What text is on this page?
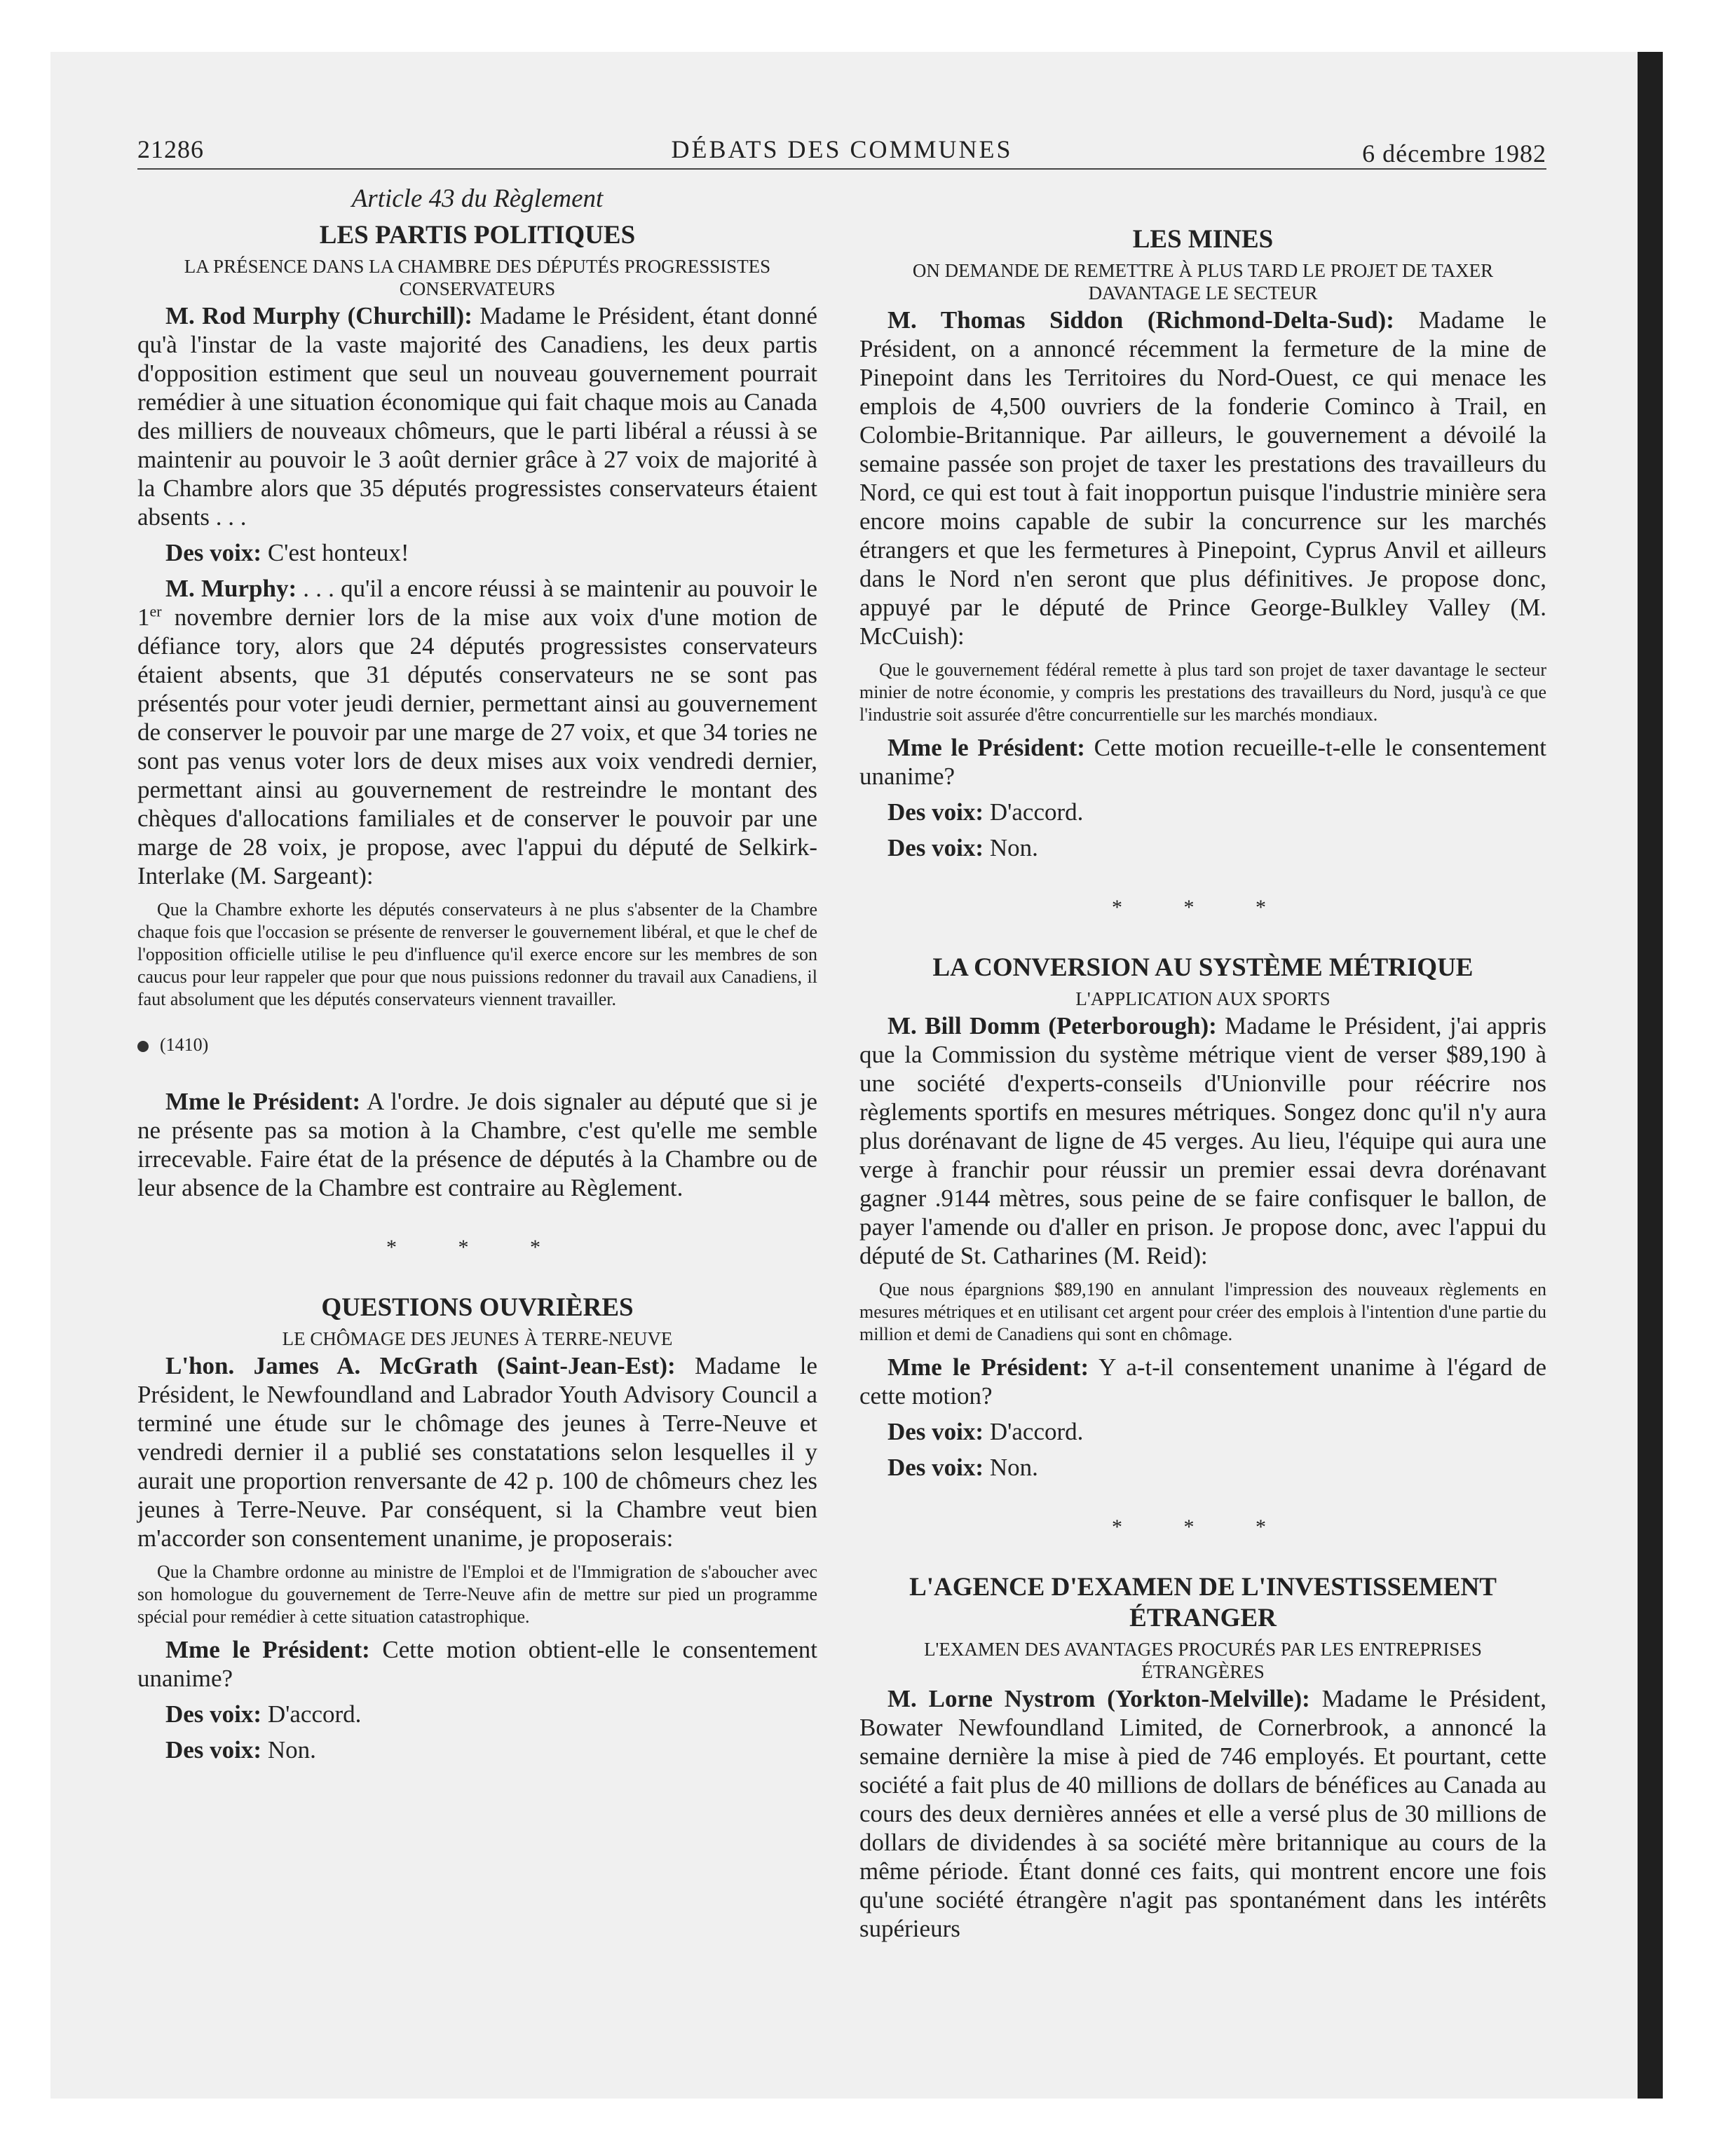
21286	DÉBATS DES COMMUNES	6 décembre 1982
Article 43 du Règlement
LES PARTIS POLITIQUES
LA PRÉSENCE DANS LA CHAMBRE DES DÉPUTÉS PROGRESSISTES CONSERVATEURS

M. Rod Murphy (Churchill): Madame le Président, étant donné qu'à l'instar de la vaste majorité des Canadiens, les deux partis d'opposition estiment que seul un nouveau gouvernement pourrait remédier à une situation économique qui fait chaque mois au Canada des milliers de nouveaux chômeurs, que le parti libéral a réussi à se maintenir au pouvoir le 3 août dernier grâce à 27 voix de majorité à la Chambre alors que 35 députés progressistes conservateurs étaient absents . . .

Des voix: C'est honteux!

M. Murphy: . . . qu'il a encore réussi à se maintenir au pouvoir le 1er novembre dernier lors de la mise aux voix d'une motion de défiance tory, alors que 24 députés progressistes conservateurs étaient absents, que 31 députés conservateurs ne se sont pas présentés pour voter jeudi dernier, permettant ainsi au gouvernement de conserver le pouvoir par une marge de 27 voix, et que 34 tories ne sont pas venus voter lors de deux mises aux voix vendredi dernier, permettant ainsi au gouvernement de restreindre le montant des chèques d'allocations familiales et de conserver le pouvoir par une marge de 28 voix, je propose, avec l'appui du député de Selkirk-Interlake (M. Sargeant):

Que la Chambre exhorte les députés conservateurs à ne plus s'absenter de la Chambre chaque fois que l'occasion se présente de renverser le gouvernement libéral, et que le chef de l'opposition officielle utilise le peu d'influence qu'il exerce encore sur les membres de son caucus pour leur rappeler que pour que nous puissions redonner du travail aux Canadiens, il faut absolument que les députés conservateurs viennent travailler.

(1410)

Mme le Président: A l'ordre. Je dois signaler au député que si je ne présente pas sa motion à la Chambre, c'est qu'elle me semble irrecevable. Faire état de la présence de députés à la Chambre ou de leur absence de la Chambre est contraire au Règlement.

* * *
QUESTIONS OUVRIÈRES
LE CHÔMAGE DES JEUNES À TERRE-NEUVE

L'hon. James A. McGrath (Saint-Jean-Est): Madame le Président, le Newfoundland and Labrador Youth Advisory Council a terminé une étude sur le chômage des jeunes à Terre-Neuve et vendredi dernier il a publié ses constatations selon lesquelles il y aurait une proportion renversante de 42 p. 100 de chômeurs chez les jeunes à Terre-Neuve. Par conséquent, si la Chambre veut bien m'accorder son consentement unanime, je proposerais:

Que la Chambre ordonne au ministre de l'Emploi et de l'Immigration de s'aboucher avec son homologue du gouvernement de Terre-Neuve afin de mettre sur pied un programme spécial pour remédier à cette situation catastrophique.

Mme le Président: Cette motion obtient-elle le consentement unanime?

Des voix: D'accord.

Des voix: Non.

LES MINES
ON DEMANDE DE REMETTRE À PLUS TARD LE PROJET DE TAXER DAVANTAGE LE SECTEUR

M. Thomas Siddon (Richmond-Delta-Sud): Madame le Président, on a annoncé récemment la fermeture de la mine de Pinepoint dans les Territoires du Nord-Ouest, ce qui menace les emplois de 4,500 ouvriers de la fonderie Cominco à Trail, en Colombie-Britannique. Par ailleurs, le gouvernement a dévoilé la semaine passée son projet de taxer les prestations des travailleurs du Nord, ce qui est tout à fait inopportun puisque l'industrie minière sera encore moins capable de subir la concurrence sur les marchés étrangers et que les fermetures à Pinepoint, Cyprus Anvil et ailleurs dans le Nord n'en seront que plus définitives. Je propose donc, appuyé par le député de Prince George-Bulkley Valley (M. McCuish):

Que le gouvernement fédéral remette à plus tard son projet de taxer davantage le secteur minier de notre économie, y compris les prestations des travailleurs du Nord, jusqu'à ce que l'industrie soit assurée d'être concurrentielle sur les marchés mondiaux.

Mme le Président: Cette motion recueille-t-elle le consentement unanime?

Des voix: D'accord.

Des voix: Non.

* * *
LA CONVERSION AU SYSTÈME MÉTRIQUE
L'APPLICATION AUX SPORTS

M. Bill Domm (Peterborough): Madame le Président, j'ai appris que la Commission du système métrique vient de verser $89,190 à une société d'experts-conseils d'Unionville pour réécrire nos règlements sportifs en mesures métriques. Songez donc qu'il n'y aura plus dorénavant de ligne de 45 verges. Au lieu, l'équipe qui aura une verge à franchir pour réussir un premier essai devra dorénavant gagner .9144 mètres, sous peine de se faire confisquer le ballon, de payer l'amende ou d'aller en prison. Je propose donc, avec l'appui du député de St. Catharines (M. Reid):

Que nous épargnions $89,190 en annulant l'impression des nouveaux règlements en mesures métriques et en utilisant cet argent pour créer des emplois à l'intention d'une partie du million et demi de Canadiens qui sont en chômage.

Mme le Président: Y a-t-il consentement unanime à l'égard de cette motion?

Des voix: D'accord.

Des voix: Non.

* * *
L'AGENCE D'EXAMEN DE L'INVESTISSEMENT ÉTRANGER
L'EXAMEN DES AVANTAGES PROCURÉS PAR LES ENTREPRISES ÉTRANGÈRES

M. Lorne Nystrom (Yorkton-Melville): Madame le Président, Bowater Newfoundland Limited, de Cornerbrook, a annoncé la semaine dernière la mise à pied de 746 employés. Et pourtant, cette société a fait plus de 40 millions de dollars de bénéfices au Canada au cours des deux dernières années et elle a versé plus de 30 millions de dollars de dividendes à sa société mère britannique au cours de la même période. Étant donné ces faits, qui montrent encore une fois qu'une société étrangère n'agit pas spontanément dans les intérêts supérieurs
